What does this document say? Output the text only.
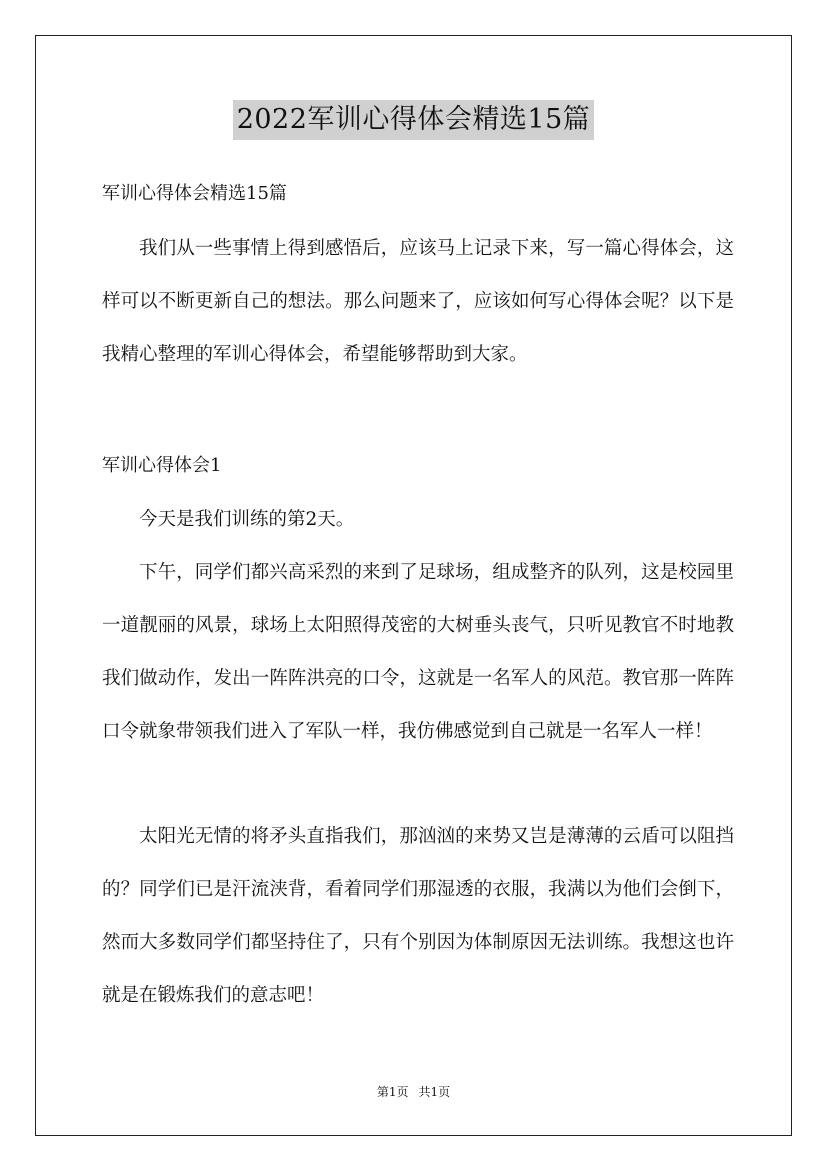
2022军训心得体会精选15篇
军训心得体会精选15篇

我们从一些事情上得到感悟后，应该马上记录下来，写一篇心得体会，这样可以不断更新自己的想法。那么问题来了，应该如何写心得体会呢？以下是我精心整理的军训心得体会，希望能够帮助到大家。

军训心得体会1

今天是我们训练的第2天。

下午，同学们都兴高采烈的来到了足球场，组成整齐的队列，这是校园里一道靓丽的风景，球场上太阳照得茂密的大树垂头丧气，只听见教官不时地教我们做动作，发出一阵阵洪亮的口令，这就是一名军人的风范。教官那一阵阵口令就象带领我们进入了军队一样，我仿佛感觉到自己就是一名军人一样！

太阳光无情的将矛头直指我们，那汹汹的来势又岂是薄薄的云盾可以阻挡的？同学们已是汗流浃背，看着同学们那湿透的衣服，我满以为他们会倒下，然而大多数同学们都坚持住了，只有个别因为体制原因无法训练。我想这也许就是在锻炼我们的意志吧！

第1页 共1页
